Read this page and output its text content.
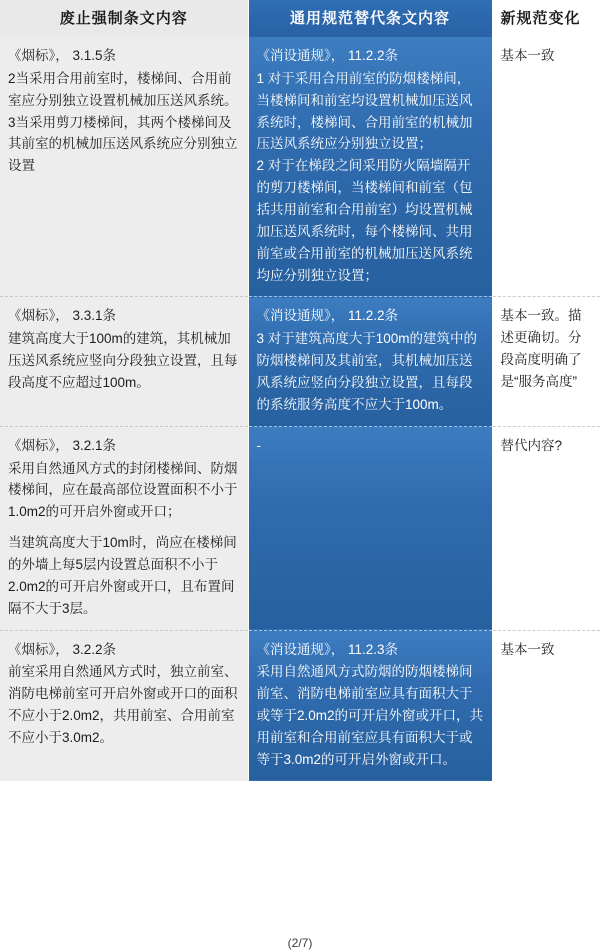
废止强制条文内容	通用规范替代条文内容	新规范变化

《烟标》， 3.1.5条
2当采用合用前室时，楼梯间、合用前室应分别独立设置机械加压送风系统。
3当采用剪刀楼梯间，其两个楼梯间及其前室的机械加压送风系统应分别独立设置	《消设通规》， 11.2.2条
1 对于采用合用前室的防烟楼梯间，当楼梯间和前室均设置机械加压送风系统时，楼梯间、合用前室的机械加压送风系统应分别独立设置；
2 对于在梯段之间采用防火隔墙隔开的剪刀楼梯间，当楼梯间和前室（包括共用前室和合用前室）均设置机械加压送风系统时，每个楼梯间、共用前室或合用前室的机械加压送风系统均应分别独立设置；	基本一致

《烟标》， 3.3.1条
建筑高度大于100m的建筑，其机械加压送风系统应竖向分段独立设置，且每段高度不应超过100m。	《消设通规》， 11.2.2条
3 对于建筑高度大于100m的建筑中的防烟楼梯间及其前室，其机械加压送风系统应竖向分段独立设置，且每段的系统服务高度不应大于100m。	基本一致。描述更确切。分段高度明确了是“服务高度”

《烟标》， 3.2.1条
采用自然通风方式的封闭楼梯间、防烟楼梯间，应在最高部位设置面积不小于1.0m2的可开启外窗或开口；
当建筑高度大于10m时，尚应在楼梯间的外墙上每5层内设置总面积不小于2.0m2的可开启外窗或开口，且布置间隔不大于3层。	-	替代内容?

《烟标》， 3.2.2条
前室采用自然通风方式时，独立前室、消防电梯前室可开启外窗或开口的面积不应小于2.0m2，共用前室、合用前室不应小于3.0m2。	《消设通规》， 11.2.3条
采用自然通风方式防烟的防烟楼梯间前室、消防电梯前室应具有面积大于或等于2.0m2的可开启外窗或开口，共用前室和合用前室应具有面积大于或等于3.0m2的可开启外窗或开口。	基本一致
(2/7)
